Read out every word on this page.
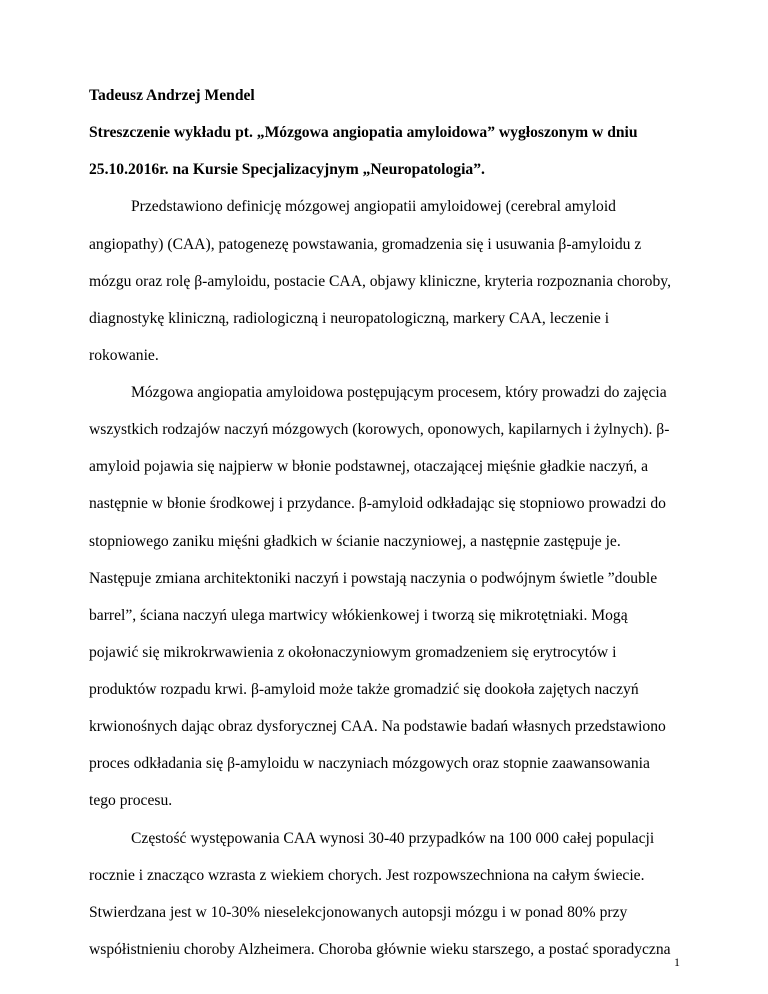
Tadeusz Andrzej Mendel
Streszczenie wykładu pt. „Mózgowa angiopatia amyloidowa” wygłoszonym w dniu
25.10.2016r. na Kursie Specjalizacyjnym „Neuropatologia”.
Przedstawiono definicję mózgowej angiopatii amyloidowej (cerebral amyloid
angiopathy) (CAA), patogenezę powstawania, gromadzenia się i usuwania β-amyloidu z
mózgu oraz rolę β-amyloidu, postacie CAA, objawy kliniczne, kryteria rozpoznania choroby,
diagnostykę kliniczną, radiologiczną i neuropatologiczną, markery CAA, leczenie i
rokowanie.
Mózgowa angiopatia amyloidowa postępującym procesem, który prowadzi do zajęcia
wszystkich rodzajów naczyń mózgowych (korowych, oponowych, kapilarnych i żylnych). β-
amyloid pojawia się najpierw w błonie podstawnej, otaczającej mięśnie gładkie naczyń, a
następnie w błonie środkowej i przydance. β-amyloid odkładając się stopniowo prowadzi do
stopniowego zaniku mięśni gładkich w ścianie naczyniowej, a następnie zastępuje je.
Następuje zmiana architektoniki naczyń i powstają naczynia o podwójnym świetle ”double
barrel”, ściana naczyń ulega martwicy włókienkowej i tworzą się mikrotętniaki. Mogą
pojawić się mikrokrwawienia z okołonaczyniowym gromadzeniem się erytrocytów i
produktów rozpadu krwi. β-amyloid może także gromadzić się dookoła zajętych naczyń
krwionośnych dając obraz dysforycznej CAA. Na podstawie badań własnych przedstawiono
proces odkładania się β-amyloidu w naczyniach mózgowych oraz stopnie zaawansowania
tego procesu.
Częstość występowania CAA wynosi 30-40 przypadków na 100 000 całej populacji
rocznie i znacząco wzrasta z wiekiem chorych. Jest rozpowszechniona na całym świecie.
Stwierdzana jest w 10-30% nieselekcjonowanych autopsji mózgu i w ponad 80% przy
współistnieniu choroby Alzheimera. Choroba głównie wieku starszego, a postać sporadyczna
1
